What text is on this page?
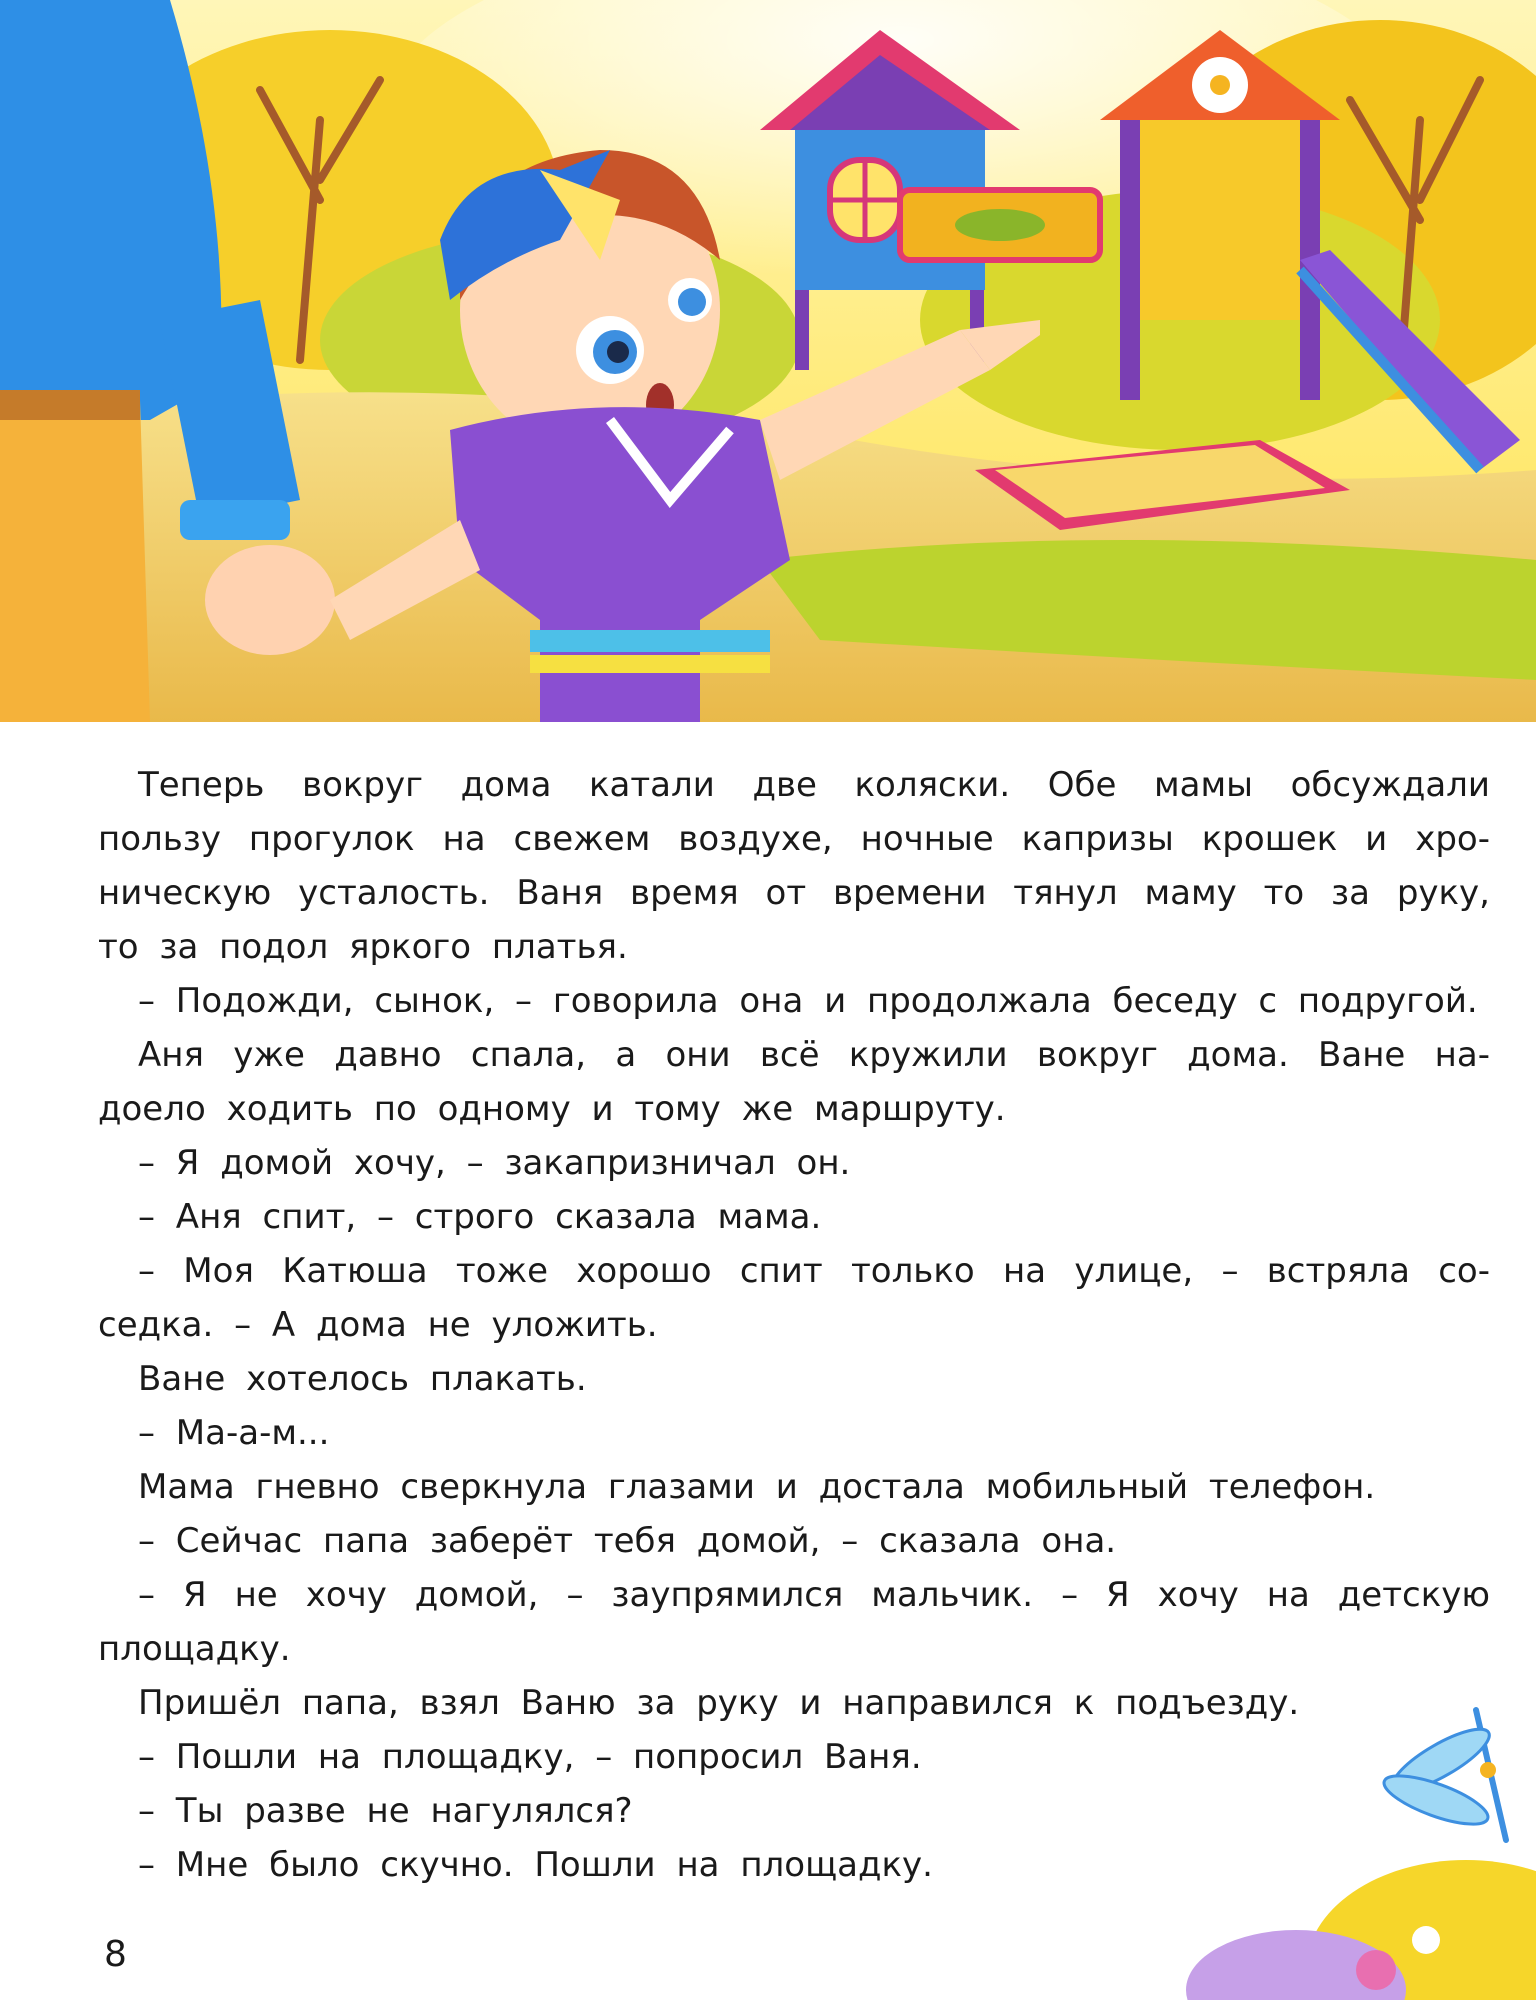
Теперь вокруг дома катали две коляски. Обе мамы обсуждали пользу прогулок на свежем воздухе, ночные капризы крошек и хроническую усталость. Ваня время от времени тянул маму то за руку, то за подол яркого платья.

– Подожди, сынок, – говорила она и продолжала беседу с подругой.

Аня уже давно спала, а они всё кружили вокруг дома. Ване надоело ходить по одному и тому же маршруту.

– Я домой хочу, – закапризничал он.

– Аня спит, – строго сказала мама.

– Моя Катюша тоже хорошо спит только на улице, – встряла соседка. – А дома не уложить.

Ване хотелось плакать.

– Ма-а-м...

Мама гневно сверкнула глазами и достала мобильный телефон.

– Сейчас папа заберёт тебя домой, – сказала она.

– Я не хочу домой, – заупрямился мальчик. – Я хочу на детскую площадку.

Пришёл папа, взял Ваню за руку и направился к подъезду.

– Пошли на площадку, – попросил Ваня.

– Ты разве не нагулялся?

– Мне было скучно. Пошли на площадку.

8
